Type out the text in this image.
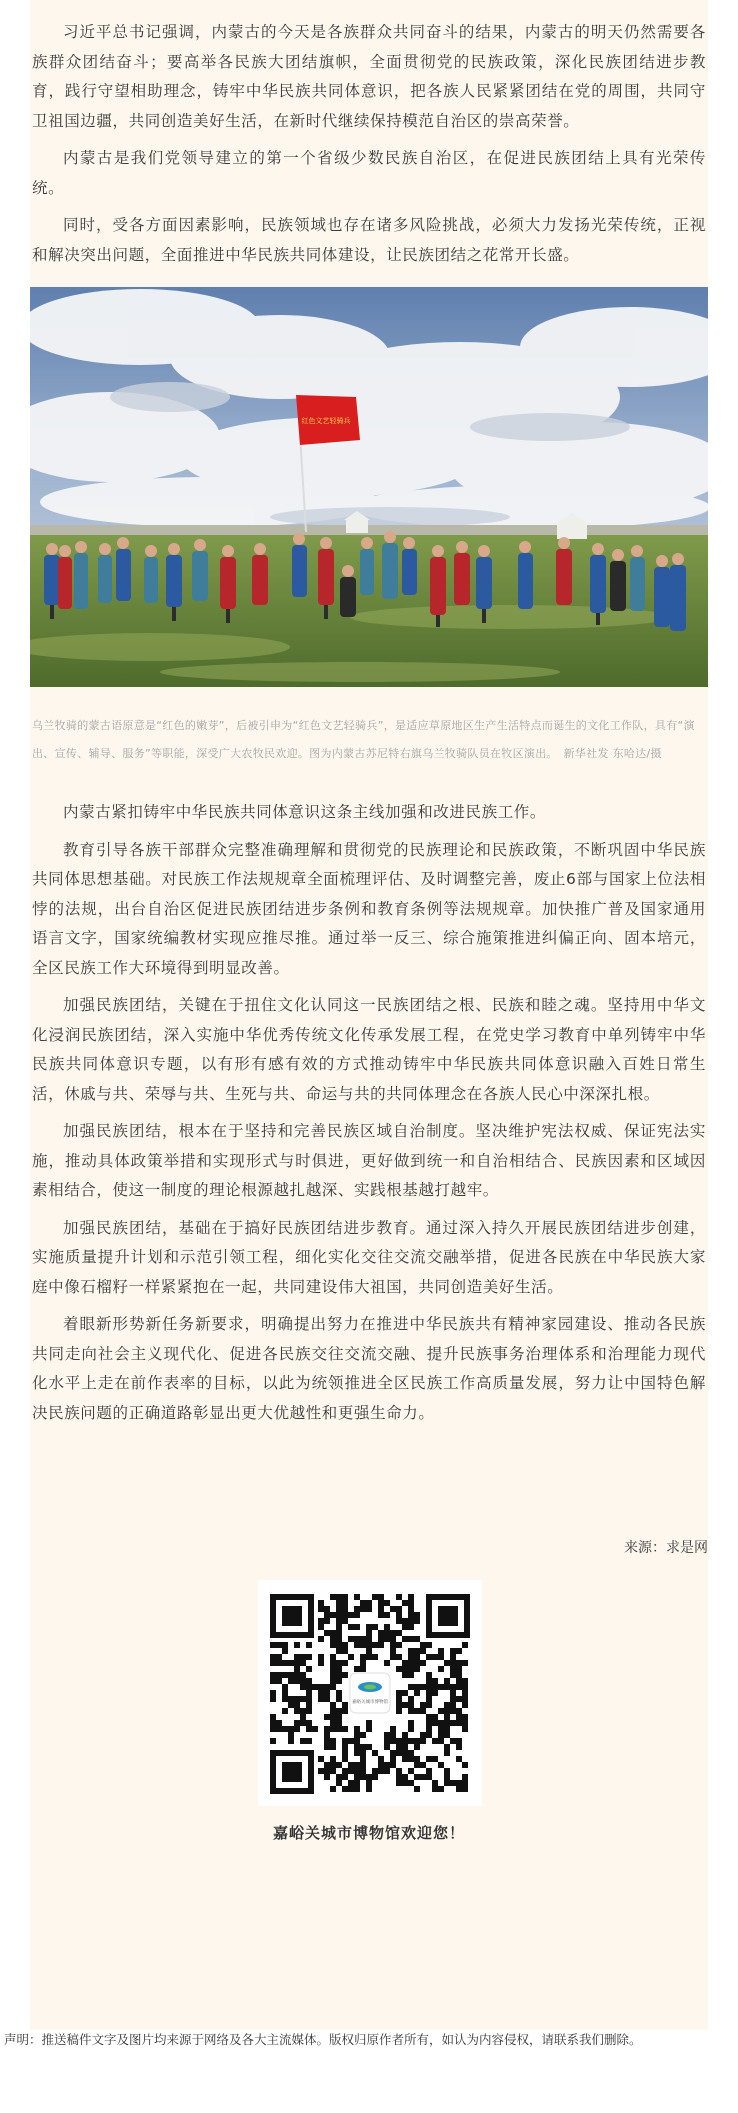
习近平总书记强调，内蒙古的今天是各族群众共同奋斗的结果，内蒙古的明天仍然需要各族群众团结奋斗；要高举各民族大团结旗帜，全面贯彻党的民族政策，深化民族团结进步教育，践行守望相助理念，铸牢中华民族共同体意识，把各族人民紧紧团结在党的周围，共同守卫祖国边疆，共同创造美好生活，在新时代继续保持模范自治区的崇高荣誉。

内蒙古是我们党领导建立的第一个省级少数民族自治区，在促进民族团结上具有光荣传统。

同时，受各方面因素影响，民族领域也存在诸多风险挑战，必须大力发扬光荣传统，正视和解决突出问题，全面推进中华民族共同体建设，让民族团结之花常开长盛。

红色文艺轻骑兵

乌兰牧骑的蒙古语原意是“红色的嫩芽”，后被引申为“红色文艺轻骑兵”，是适应草原地区生产生活特点而诞生的文化工作队，具有“演出、宣传、辅导、服务”等职能，深受广大农牧民欢迎。图为内蒙古苏尼特右旗乌兰牧骑队员在牧区演出。　新华社发 东哈达/摄

内蒙古紧扣铸牢中华民族共同体意识这条主线加强和改进民族工作。

教育引导各族干部群众完整准确理解和贯彻党的民族理论和民族政策，不断巩固中华民族共同体思想基础。对民族工作法规规章全面梳理评估、及时调整完善，废止6部与国家上位法相悖的法规，出台自治区促进民族团结进步条例和教育条例等法规规章。加快推广普及国家通用语言文字，国家统编教材实现应推尽推。通过举一反三、综合施策推进纠偏正向、固本培元，全区民族工作大环境得到明显改善。

加强民族团结，关键在于扭住文化认同这一民族团结之根、民族和睦之魂。坚持用中华文化浸润民族团结，深入实施中华优秀传统文化传承发展工程，在党史学习教育中单列铸牢中华民族共同体意识专题，以有形有感有效的方式推动铸牢中华民族共同体意识融入百姓日常生活，休戚与共、荣辱与共、生死与共、命运与共的共同体理念在各族人民心中深深扎根。

加强民族团结，根本在于坚持和完善民族区域自治制度。坚决维护宪法权威、保证宪法实施，推动具体政策举措和实现形式与时俱进，更好做到统一和自治相结合、民族因素和区域因素相结合，使这一制度的理论根源越扎越深、实践根基越打越牢。

加强民族团结，基础在于搞好民族团结进步教育。通过深入持久开展民族团结进步创建，实施质量提升计划和示范引领工程，细化实化交往交流交融举措，促进各民族在中华民族大家庭中像石榴籽一样紧紧抱在一起，共同建设伟大祖国，共同创造美好生活。

着眼新形势新任务新要求，明确提出努力在推进中华民族共有精神家园建设、推动各民族共同走向社会主义现代化、促进各民族交往交流交融、提升民族事务治理体系和治理能力现代化水平上走在前作表率的目标，以此为统领推进全区民族工作高质量发展，努力让中国特色解决民族问题的正确道路彰显出更大优越性和更强生命力。

来源：求是网
嘉峪关城市博物馆
嘉峪关城市博物馆欢迎您！

声明：推送稿件文字及图片均来源于网络及各大主流媒体。版权归原作者所有，如认为内容侵权，请联系我们删除。
